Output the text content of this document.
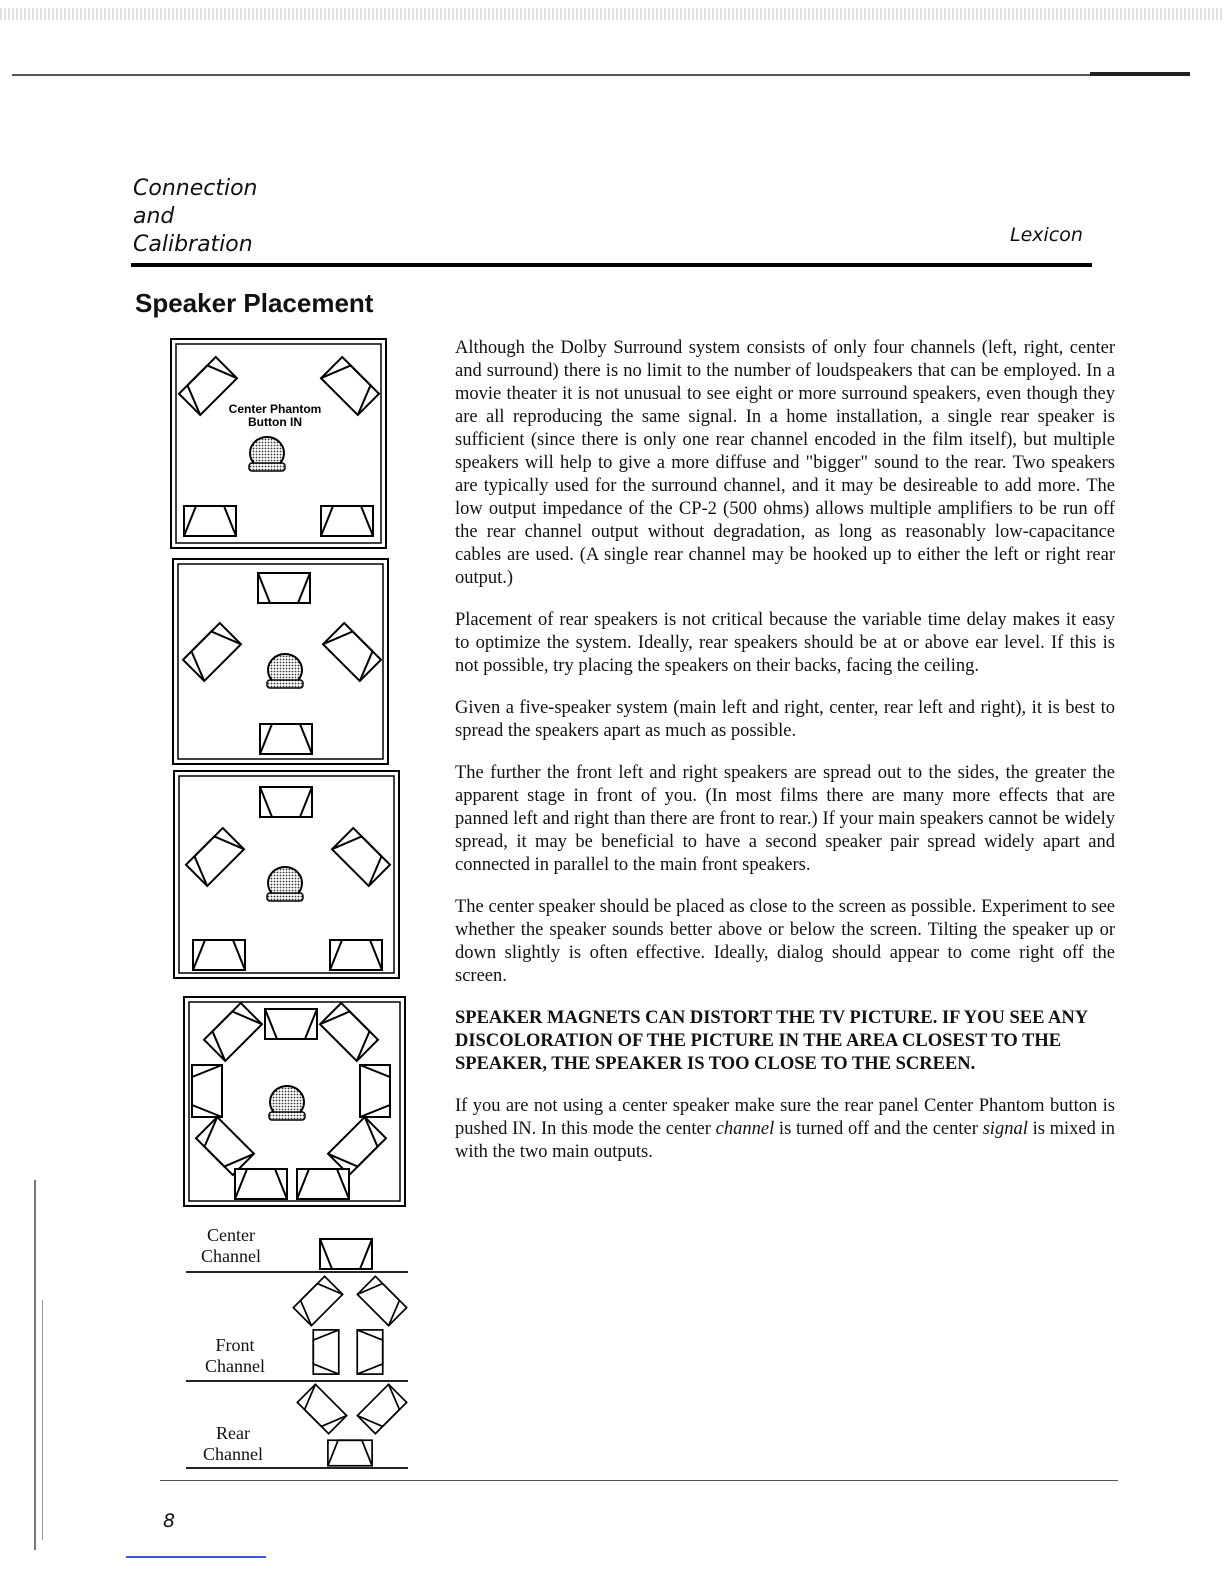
Connection
and
Calibration	Lexicon
Speaker Placement
Center Phantom
Button IN
Center
Channel
Front
Channel
Rear
Channel

Although the Dolby Surround system consists of only four channels (left, right, center and surround) there is no limit to the number of loudspeakers that can be employed. In a movie theater it is not unusual to see eight or more surround speakers, even though they are all reproducing the same signal. In a home installation, a single rear speaker is sufficient (since there is only one rear channel encoded in the film itself), but multiple speakers will help to give a more diffuse and "bigger" sound to the rear. Two speakers are typically used for the surround channel, and it may be desireable to add more. The low output impedance of the CP-2 (500 ohms) allows multiple amplifiers to be run off the rear channel output without degradation, as long as reasonably low-capacitance cables are used. (A single rear channel may be hooked up to either the left or right rear output.)

Placement of rear speakers is not critical because the variable time delay makes it easy to optimize the system. Ideally, rear speakers should be at or above ear level. If this is not possible, try placing the speakers on their backs, facing the ceiling.

Given a five-speaker system (main left and right, center, rear left and right), it is best to spread the speakers apart as much as possible.

The further the front left and right speakers are spread out to the sides, the greater the apparent stage in front of you. (In most films there are many more effects that are panned left and right than there are front to rear.) If your main speakers cannot be widely spread, it may be beneficial to have a second speaker pair spread widely apart and connected in parallel to the main front speakers.

The center speaker should be placed as close to the screen as possible. Experiment to see whether the speaker sounds better above or below the screen. Tilting the speaker up or down slightly is often effective. Ideally, dialog should appear to come right off the screen.

SPEAKER MAGNETS CAN DISTORT THE TV PICTURE. IF YOU SEE ANY DISCOLORATION OF THE PICTURE IN THE AREA CLOSEST TO THE SPEAKER, THE SPEAKER IS TOO CLOSE TO THE SCREEN.

If you are not using a center speaker make sure the rear panel Center Phantom button is pushed IN. In this mode the center channel is turned off and the center signal is mixed in with the two main outputs.

8
